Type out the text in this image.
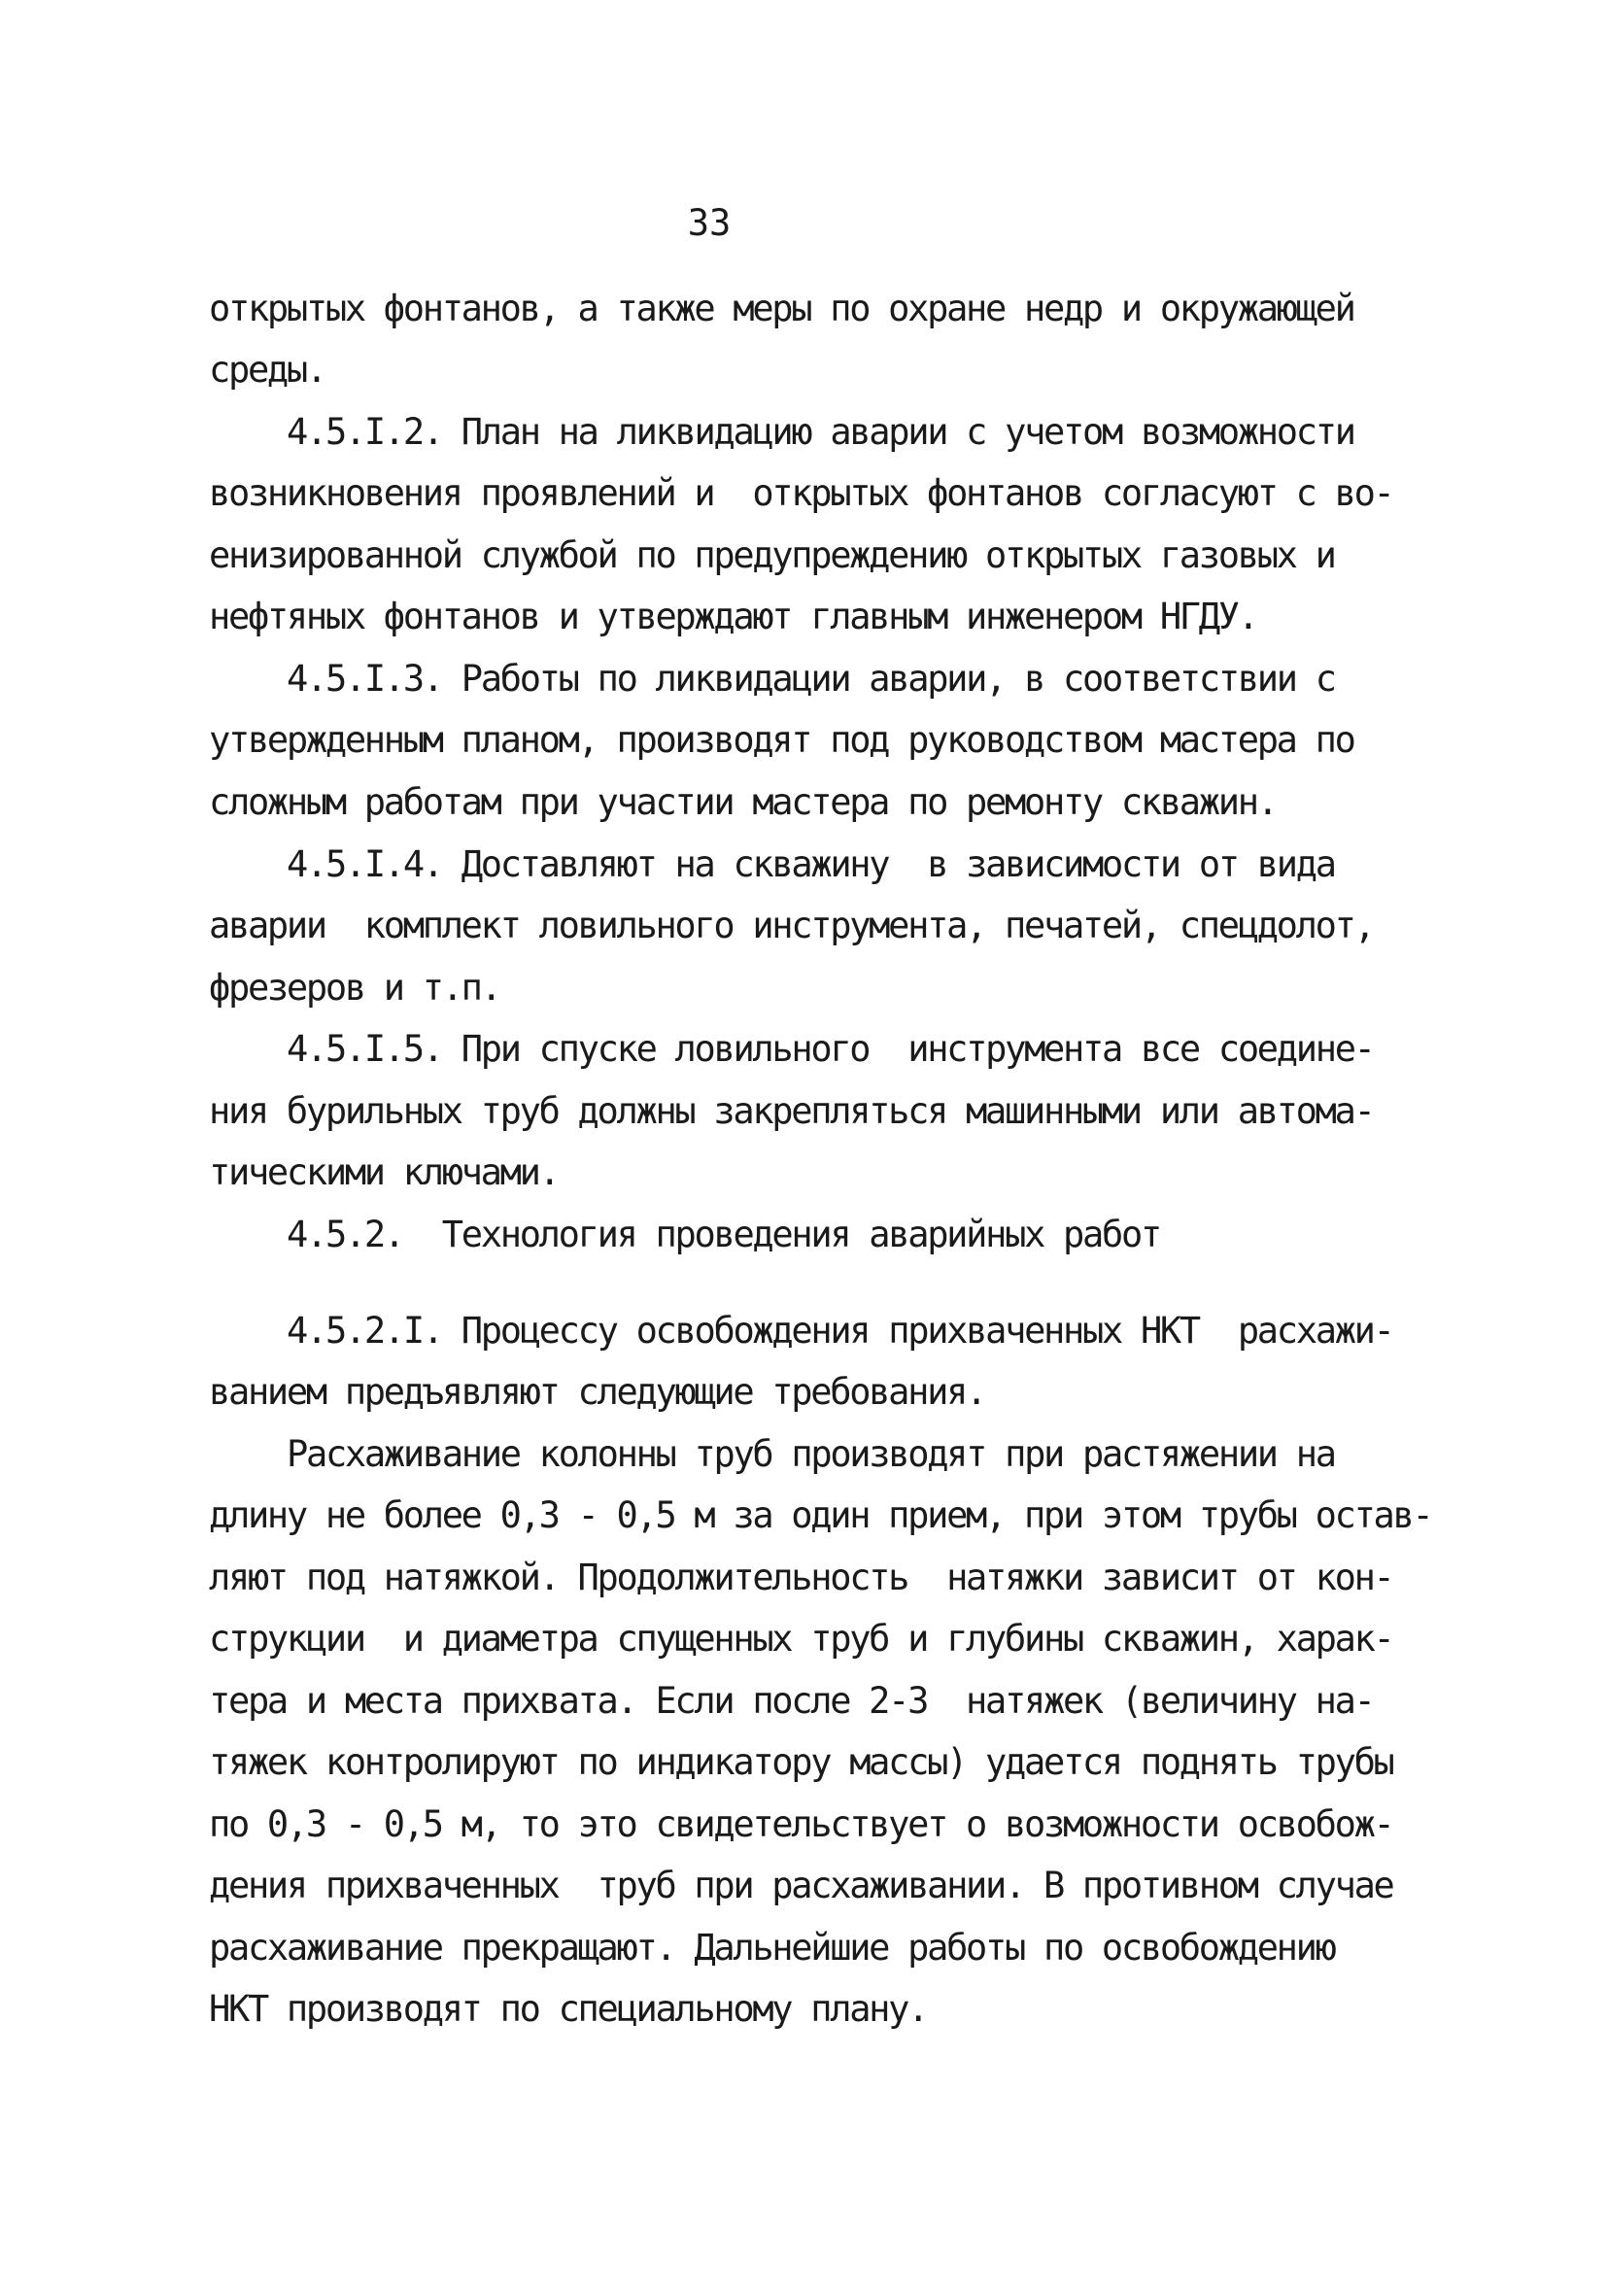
33

открытых фонтанов, а также меры по охране недр и окружающей

среды.

4.5.I.2. План на ликвидацию аварии с учетом возможности

возникновения проявлений и  открытых фонтанов согласуют с во-

енизированной службой по предупреждению открытых газовых и

нефтяных фонтанов и утверждают главным инженером НГДУ.

4.5.I.3. Работы по ликвидации аварии, в соответствии с

утвержденным планом, производят под руководством мастера по

сложным работам при участии мастера по ремонту скважин.

4.5.I.4. Доставляют на скважину  в зависимости от вида

аварии  комплект ловильного инструмента, печатей, спецдолот,

фрезеров и т.п.

4.5.I.5. При спуске ловильного  инструмента все соедине-

ния бурильных труб должны закрепляться машинными или автома-

тическими ключами.

4.5.2.  Технология проведения аварийных работ

4.5.2.I. Процессу освобождения прихваченных НКТ  расхажи-

ванием предъявляют следующие требования.

Расхаживание колонны труб производят при растяжении на

длину не более 0,3 - 0,5 м за один прием, при этом трубы остав-

ляют под натяжкой. Продолжительность  натяжки зависит от кон-

струкции  и диаметра спущенных труб и глубины скважин, харак-

тера и места прихвата. Если после 2-3  натяжек (величину на-

тяжек контролируют по индикатору массы) удается поднять трубы

по 0,3 - 0,5 м, то это свидетельствует о возможности освобож-

дения прихваченных  труб при расхаживании. В противном случае

расхаживание прекращают. Дальнейшие работы по освобождению

НКТ производят по специальному плану.
